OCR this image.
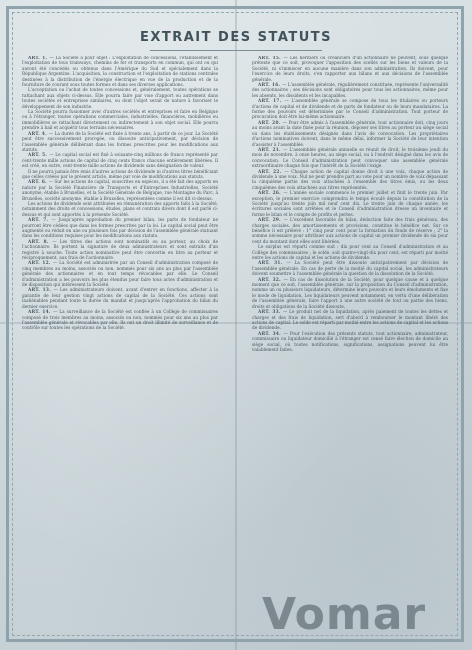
EXTRAIT DES STATUTS

ART. 1. — La Société a pour objet : L'exploitation de concessions, l'établissement et l'exploitation de tous tramways, chemins de fer et transports en commun, qui ont ou qui auront été concédés ou obtenus dans l'Amérique du Sud et spécialement dans la République Argentine. L'acquisition, la construction et l'exploitation de stations centrales destinées à la distribution de l'énergie électrique en vue de la production et de la fourniture de courant sous toutes formes et dans ses diverses applications.

L'acceptation ou l'achat de toutes concessions et, généralement, toutes opérations se rattachant aux objets ci-dessus. Elle pourra faire par voie d'apport ou autrement dans toutes sociétés et entreprises similaires, ou dont l'objet serait de nature à favoriser le développement de son industrie.

La Société pourra fusionner avec d'autres sociétés et entreprises et faire en Belgique ou à l'étranger, toutes opérations commerciales, industrielles, financières, mobilières ou immobilières se rattachant directement ou indirectement à son objet social. Elle pourra prendre à bail et acquérir tous terrains nécessaires.

ART. 4. — La durée de la Société est fixée à trente ans, à partir de ce jour. La Société peut être successivement prorogée, ou dissoute anticipativement, par décision de l'assemblée générale délibérant dans les formes prescrites pour les modifications aux statuts.

ART. 5. — Le capital social est fixé à soixante-cinq millions de francs représenté par cent-trente mille actions de capital de cinq cents francs chacune entièrement libérées. Il est créé, en outre, cent-trente mille actions de dividende sans désignation de valeur.

Il ne pourra jamais être émis d'autres actions de dividende ni d'autres titres bénéficiant que celles créées par le présent article, même par voie de modifications aux statuts.

ART. 6. — Sur les actions de capital, souscrites en espèces, il a été fait des apports en nature par la Société Financière de Transports et d'Entreprises Industrielles, Société anonyme, établie à Bruxelles, et la Société Générale de Belgique, rue Montagne du Parc, à Bruxelles, société anonyme, établie à Bruxelles, représentées comme il est dit ci-dessus.

Les actions de dividende sont attribuées en rémunération des apports faits à la Société, notamment des droits et concessions, études, plans et contrats divers dont il est parlé ci-dessus et qui sont apportés à la présente Société.

ART. 7. — Jusqu'après approbation du premier bilan, les parts de fondateur ne pourront être cédées que dans les formes prescrites par la loi. Le capital social peut être augmenté ou réduit en une ou plusieurs fois par décision de l'assemblée générale statuant dans les conditions requises pour les modifications aux statuts.

ART. 8. — Les titres des actions sont nominatifs ou au porteur, au choix de l'actionnaire. Ils portent la signature de deux administrateurs et sont extraits d'un registre à souche. Toute action nominative peut être convertie en titre au porteur et réciproquement, aux frais de l'actionnaire.

ART. 12. — La Société est administrée par un Conseil d'administration composé de cinq membres au moins, associés ou non, nommés pour six ans au plus par l'assemblée générale des actionnaires et en tout temps révocables par elle. Le Conseil d'administration a les pouvoirs les plus étendus pour faire tous actes d'administration et de disposition qui intéressent la Société.

ART. 13. — Les administrateurs doivent, avant d'entrer en fonctions, affecter à la garantie de leur gestion vingt actions de capital de la Société. Ces actions sont inaliénables pendant toute la durée du mandat et jusqu'après l'approbation du bilan du dernier exercice.

ART. 14. — La surveillance de la Société est confiée à un Collège de commissaires composé de trois membres au moins, associés ou non, nommés pour six ans au plus par l'assemblée générale et révocables par elle. Ils ont un droit illimité de surveillance et de contrôle sur toutes les opérations de la Société.

ART. 15. — Les héritiers ou créanciers d'un actionnaire ne peuvent, sous quelque prétexte que ce soit, provoquer l'apposition des scellés sur les biens et valeurs de la Société, ni s'immiscer en aucune manière dans son administration. Ils doivent, pour l'exercice de leurs droits, s'en rapporter aux bilans et aux décisions de l'assemblée générale.

ART. 16. — L'assemblée générale, régulièrement constituée, représente l'universalité des actionnaires ; ses décisions sont obligatoires pour tous les actionnaires, même pour les absents, les dissidents et les incapables.

ART. 17. — L'assemblée générale se compose de tous les titulaires ou porteurs d'actions de capital et de dividende et de parts de fondateur ou de leurs mandataires. La forme des pouvoirs est déterminée par le Conseil d'administration. Tout porteur de procuration doit être lui-même actionnaire.

ART. 20. — Pour être admis à l'assemblée générale, tout actionnaire doit, cinq jours au moins avant la date fixée pour la réunion, déposer ses titres au porteur au siège social ou dans les établissements désignés dans l'avis de convocation. Les propriétaires d'actions nominatives doivent, dans le même délai, informer la Société de leur intention d'assister à l'assemblée.

ART. 21. — L'assemblée générale annuelle se réunit de droit, le troisième jeudi du mois de novembre, à onze heures, au siège social, ou à l'endroit désigné dans les avis de convocation. Le Conseil d'administration peut convoquer une assemblée générale extraordinaire chaque fois que l'intérêt de la Société l'exige.

ART. 22. — Chaque action de capital donne droit à une voix, chaque action de dividende à une voix. Nul ne peut prendre part au vote pour un nombre de voix dépassant la cinquième partie des voix attachées à l'ensemble des titres émis, ou les deux cinquièmes des voix attachées aux titres représentés.

ART. 26. — L'année sociale commence le premier juillet et finit le trente juin. Par exception, le premier exercice comprendra le temps écoulé depuis la constitution de la Société jusqu'au trente juin mil neuf cent dix. Le trente juin de chaque année, les écritures sociales sont arrêtées et le Conseil d'administration dresse un inventaire et forme le bilan et le compte de profits et pertes.

ART. 29. — L'excédent favorable du bilan, déduction faite des frais généraux, des charges sociales, des amortissements et provisions, constitue le bénéfice net. Sur ce bénéfice il est prélevé : 1° cinq pour cent pour la formation du fonds de réserve ; 2° la somme nécessaire pour attribuer aux actions de capital un premier dividende de six pour cent du montant dont elles sont libérées.

Le surplus est réparti comme suit : dix pour cent au Conseil d'administration et au Collège des commissaires ; le solde, soit quatre-vingt-dix pour cent, est réparti par moitié entre les actions de capital et les actions de dividende.

ART. 31. — La Société peut être dissoute anticipativement par décision de l'assemblée générale. En cas de perte de la moitié du capital social, les administrateurs doivent soumettre à l'assemblée générale la question de la dissolution de la Société.

ART. 32. — En cas de dissolution de la Société, pour quelque cause et à quelque moment que ce soit, l'assemblée générale, sur la proposition du Conseil d'administration, nomme un ou plusieurs liquidateurs, détermine leurs pouvoirs et leurs émoluments et fixe le mode de liquidation. Les liquidateurs peuvent notamment, en vertu d'une délibération de l'assemblée générale, faire l'apport à une autre société de tout ou partie des biens, droits et obligations de la Société dissoute.

ART. 33. — Le produit net de la liquidation, après paiement de toutes les dettes et charges et des frais de liquidation, sert d'abord à rembourser le montant libéré des actions de capital. Le solde est réparti par moitié entre les actions de capital et les actions de dividende.

ART. 34. — Pour l'exécution des présents statuts, tout actionnaire, administrateur, commissaire ou liquidateur domicilié à l'étranger est censé faire élection de domicile au siège social, où toutes notifications, significations, assignations peuvent lui être valablement faites.

Vomar
